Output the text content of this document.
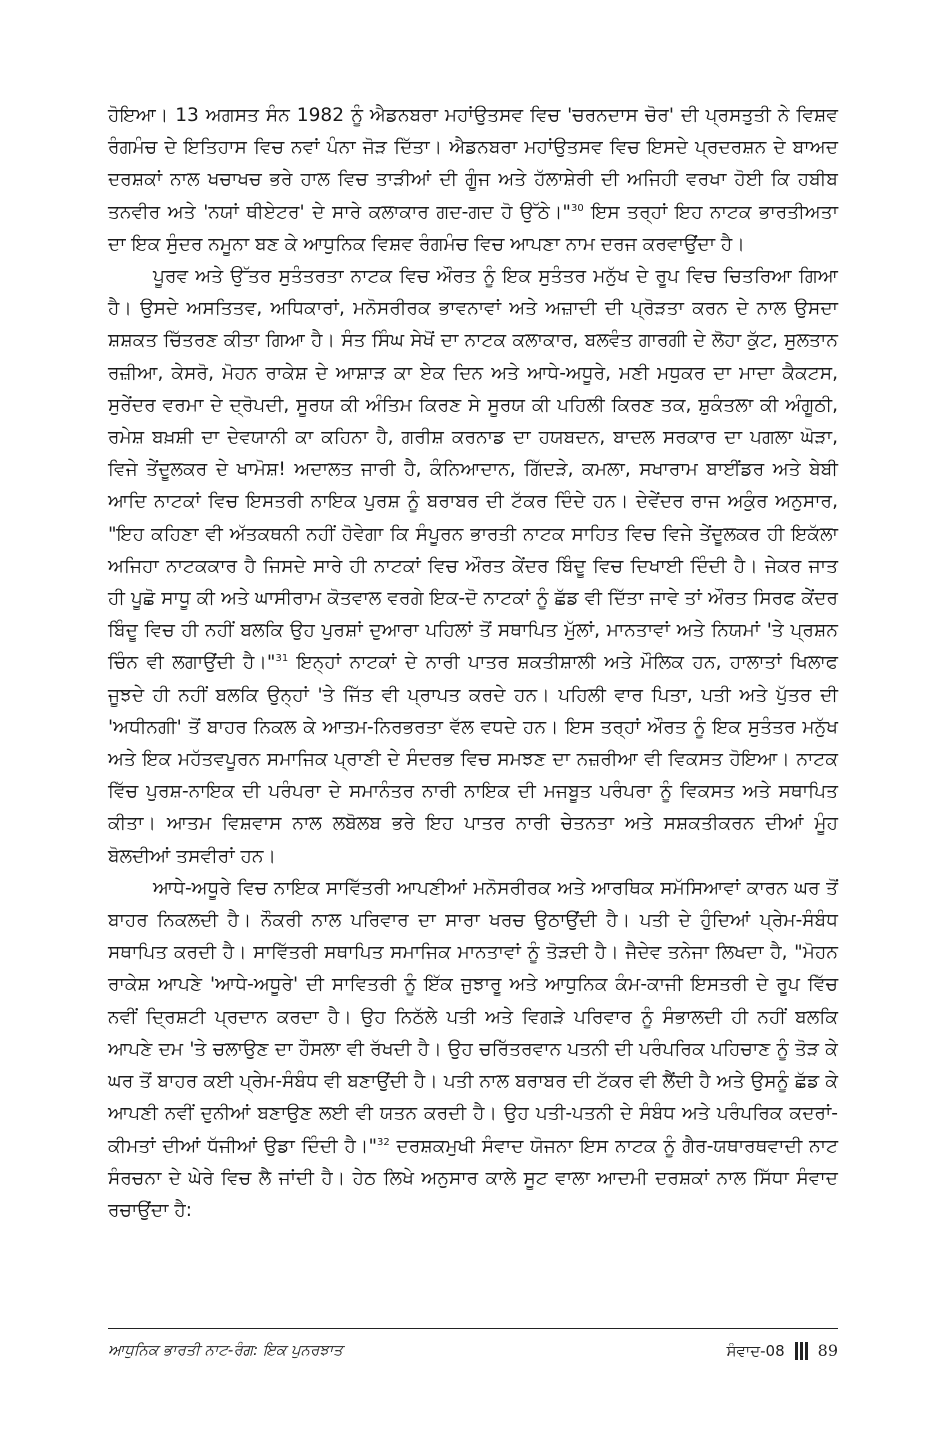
ਹੋਇਆ। 13 ਅਗਸਤ ਸੰਨ 1982 ਨੂੰ ਐਡਨਬਰਾ ਮਹਾਂਉਤਸਵ ਵਿਚ 'ਚਰਨਦਾਸ ਚੋਰ' ਦੀ ਪ੍ਰਸਤੁਤੀ ਨੇ ਵਿਸ਼ਵ ਰੰਗਮੰਚ ਦੇ ਇਤਿਹਾਸ ਵਿਚ ਨਵਾਂ ਪੰਨਾ ਜੋੜ ਦਿੱਤਾ। ਐਡਨਬਰਾ ਮਹਾਂਉਤਸਵ ਵਿਚ ਇਸਦੇ ਪ੍ਰਦਰਸ਼ਨ ਦੇ ਬਾਅਦ ਦਰਸ਼ਕਾਂ ਨਾਲ ਖਚਾਖਚ ਭਰੇ ਹਾਲ ਵਿਚ ਤਾੜੀਆਂ ਦੀ ਗੂੰਜ ਅਤੇ ਹੱਲਾਸ਼ੇਰੀ ਦੀ ਅਜਿਹੀ ਵਰਖਾ ਹੋਈ ਕਿ ਹਬੀਬ ਤਨਵੀਰ ਅਤੇ 'ਨਯਾਂ ਥੀਏਟਰ' ਦੇ ਸਾਰੇ ਕਲਾਕਾਰ ਗਦ-ਗਦ ਹੋ ਉੱਠੇ।"$^{30}$ ਇਸ ਤਰ੍ਹਾਂ ਇਹ ਨਾਟਕ ਭਾਰਤੀਅਤਾ ਦਾ ਇਕ ਸੁੰਦਰ ਨਮੂਨਾ ਬਣ ਕੇ ਆਧੁਨਿਕ ਵਿਸ਼ਵ ਰੰਗਮੰਚ ਵਿਚ ਆਪਣਾ ਨਾਮ ਦਰਜ ਕਰਵਾਉਂਦਾ ਹੈ।

ਪੂਰਵ ਅਤੇ ਉੱਤਰ ਸੁਤੰਤਰਤਾ ਨਾਟਕ ਵਿਚ ਔਰਤ ਨੂੰ ਇਕ ਸੁਤੰਤਰ ਮਨੁੱਖ ਦੇ ਰੂਪ ਵਿਚ ਚਿਤਰਿਆ ਗਿਆ ਹੈ। ਉਸਦੇ ਅਸਤਿਤਵ, ਅਧਿਕਾਰਾਂ, ਮਨੋਸਰੀਰਕ ਭਾਵਨਾਵਾਂ ਅਤੇ ਅਜ਼ਾਦੀ ਦੀ ਪ੍ਰੋੜਤਾ ਕਰਨ ਦੇ ਨਾਲ ਉਸਦਾ ਸ਼ਸ਼ਕਤ ਚਿੱਤਰਣ ਕੀਤਾ ਗਿਆ ਹੈ। ਸੰਤ ਸਿੰਘ ਸੇਖੋਂ ਦਾ ਨਾਟਕ ਕਲਾਕਾਰ, ਬਲਵੰਤ ਗਾਰਗੀ ਦੇ ਲੋਹਾ ਕੁੱਟ, ਸੁਲਤਾਨ ਰਜ਼ੀਆ, ਕੇਸਰੋ, ਮੋਹਨ ਰਾਕੇਸ਼ ਦੇ ਆਸ਼ਾੜ ਕਾ ਏਕ ਦਿਨ ਅਤੇ ਆਧੇ-ਅਧੂਰੇ, ਮਣੀ ਮਧੁਕਰ ਦਾ ਮਾਦਾ ਕੈਕਟਸ, ਸੁਰੇਂਦਰ ਵਰਮਾ ਦੇ ਦ੍ਰੋਪਦੀ, ਸੂਰਯ ਕੀ ਅੰਤਿਮ ਕਿਰਣ ਸੇ ਸੂਰਯ ਕੀ ਪਹਿਲੀ ਕਿਰਣ ਤਕ, ਸ਼ੁਕੰਤਲਾ ਕੀ ਅੰਗੂਠੀ, ਰਮੇਸ਼ ਬਖ਼ਸ਼ੀ ਦਾ ਦੇਵਯਾਨੀ ਕਾ ਕਹਿਨਾ ਹੈ, ਗਰੀਸ਼ ਕਰਨਾਡ ਦਾ ਹਯਬਦਨ, ਬਾਦਲ ਸਰਕਾਰ ਦਾ ਪਗਲਾ ਘੋੜਾ, ਵਿਜੇ ਤੇਂਦੂਲਕਰ ਦੇ ਖਾਮੋਸ਼! ਅਦਾਲਤ ਜਾਰੀ ਹੈ, ਕੰਨਿਆਦਾਨ, ਗਿੱਦੜੇ, ਕਮਲਾ, ਸਖਾਰਾਮ ਬਾਈਂਡਰ ਅਤੇ ਬੇਬੀ ਆਦਿ ਨਾਟਕਾਂ ਵਿਚ ਇਸਤਰੀ ਨਾਇਕ ਪੁਰਸ਼ ਨੂੰ ਬਰਾਬਰ ਦੀ ਟੱਕਰ ਦਿੰਦੇ ਹਨ। ਦੇਵੇਂਦਰ ਰਾਜ ਅਕੁੰਰ ਅਨੁਸਾਰ, "ਇਹ ਕਹਿਣਾ ਵੀ ਅੱਤਕਥਨੀ ਨਹੀਂ ਹੋਵੇਗਾ ਕਿ ਸੰਪੂਰਨ ਭਾਰਤੀ ਨਾਟਕ ਸਾਹਿਤ ਵਿਚ ਵਿਜੇ ਤੇਂਦੂਲਕਰ ਹੀ ਇਕੱਲਾ ਅਜਿਹਾ ਨਾਟਕਕਾਰ ਹੈ ਜਿਸਦੇ ਸਾਰੇ ਹੀ ਨਾਟਕਾਂ ਵਿਚ ਔਰਤ ਕੇਂਦਰ ਬਿੰਦੂ ਵਿਚ ਦਿਖਾਈ ਦਿੰਦੀ ਹੈ। ਜੇਕਰ ਜਾਤ ਹੀ ਪੂਛੋ ਸਾਧੂ ਕੀ ਅਤੇ ਘਾਸੀਰਾਮ ਕੋਤਵਾਲ ਵਰਗੇ ਇਕ-ਦੋ ਨਾਟਕਾਂ ਨੂੰ ਛੱਡ ਵੀ ਦਿੱਤਾ ਜਾਵੇ ਤਾਂ ਔਰਤ ਸਿਰਫ ਕੇਂਦਰ ਬਿੰਦੂ ਵਿਚ ਹੀ ਨਹੀਂ ਬਲਕਿ ਉਹ ਪੁਰਸ਼ਾਂ ਦੁਆਰਾ ਪਹਿਲਾਂ ਤੋਂ ਸਥਾਪਿਤ ਮੁੱਲਾਂ, ਮਾਨਤਾਵਾਂ ਅਤੇ ਨਿਯਮਾਂ 'ਤੇ ਪ੍ਰਸ਼ਨ ਚਿੰਨ ਵੀ ਲਗਾਉਂਦੀ ਹੈ।"$^{31}$ ਇਨ੍ਹਾਂ ਨਾਟਕਾਂ ਦੇ ਨਾਰੀ ਪਾਤਰ ਸ਼ਕਤੀਸ਼ਾਲੀ ਅਤੇ ਮੌਲਿਕ ਹਨ, ਹਾਲਾਤਾਂ ਖਿਲਾਫ ਜੂਝਦੇ ਹੀ ਨਹੀਂ ਬਲਕਿ ਉਨ੍ਹਾਂ 'ਤੇ ਜਿੱਤ ਵੀ ਪ੍ਰਾਪਤ ਕਰਦੇ ਹਨ। ਪਹਿਲੀ ਵਾਰ ਪਿਤਾ, ਪਤੀ ਅਤੇ ਪੁੱਤਰ ਦੀ 'ਅਧੀਨਗੀ' ਤੋਂ ਬਾਹਰ ਨਿਕਲ ਕੇ ਆਤਮ-ਨਿਰਭਰਤਾ ਵੱਲ ਵਧਦੇ ਹਨ। ਇਸ ਤਰ੍ਹਾਂ ਔਰਤ ਨੂੰ ਇਕ ਸੁਤੰਤਰ ਮਨੁੱਖ ਅਤੇ ਇਕ ਮਹੱਤਵਪੂਰਨ ਸਮਾਜਿਕ ਪ੍ਰਾਣੀ ਦੇ ਸੰਦਰਭ ਵਿਚ ਸਮਝਣ ਦਾ ਨਜ਼ਰੀਆ ਵੀ ਵਿਕਸਤ ਹੋਇਆ। ਨਾਟਕ ਵਿੱਚ ਪੁਰਸ਼-ਨਾਇਕ ਦੀ ਪਰੰਪਰਾ ਦੇ ਸਮਾਨੰਤਰ ਨਾਰੀ ਨਾਇਕ ਦੀ ਮਜਬੂਤ ਪਰੰਪਰਾ ਨੂੰ ਵਿਕਸਤ ਅਤੇ ਸਥਾਪਿਤ ਕੀਤਾ। ਆਤਮ ਵਿਸ਼ਵਾਸ ਨਾਲ ਲਬੋਲਬ ਭਰੇ ਇਹ ਪਾਤਰ ਨਾਰੀ ਚੇਤਨਤਾ ਅਤੇ ਸਸ਼ਕਤੀਕਰਨ ਦੀਆਂ ਮੂੰਹ ਬੋਲਦੀਆਂ ਤਸਵੀਰਾਂ ਹਨ।

ਆਧੇ-ਅਧੂਰੇ ਵਿਚ ਨਾਇਕ ਸਾਵਿੱਤਰੀ ਆਪਣੀਆਂ ਮਨੋਸਰੀਰਕ ਅਤੇ ਆਰਥਿਕ ਸਮੱਸਿਆਵਾਂ ਕਾਰਨ ਘਰ ਤੋਂ ਬਾਹਰ ਨਿਕਲਦੀ ਹੈ। ਨੌਕਰੀ ਨਾਲ ਪਰਿਵਾਰ ਦਾ ਸਾਰਾ ਖਰਚ ਉਠਾਉਂਦੀ ਹੈ। ਪਤੀ ਦੇ ਹੁੰਦਿਆਂ ਪ੍ਰੇਮ-ਸੰਬੰਧ ਸਥਾਪਿਤ ਕਰਦੀ ਹੈ। ਸਾਵਿੱਤਰੀ ਸਥਾਪਿਤ ਸਮਾਜਿਕ ਮਾਨਤਾਵਾਂ ਨੂੰ ਤੋੜਦੀ ਹੈ। ਜੈਦੇਵ ਤਨੇਜਾ ਲਿਖਦਾ ਹੈ, "ਮੋਹਨ ਰਾਕੇਸ਼ ਆਪਣੇ 'ਆਧੇ-ਅਧੂਰੇ' ਦੀ ਸਾਵਿਤਰੀ ਨੂੰ ਇੱਕ ਜੁਝਾਰੂ ਅਤੇ ਆਧੁਨਿਕ ਕੰਮ-ਕਾਜੀ ਇਸਤਰੀ ਦੇ ਰੂਪ ਵਿੱਚ ਨਵੀਂ ਦ੍ਰਿਸ਼ਟੀ ਪ੍ਰਦਾਨ ਕਰਦਾ ਹੈ। ਉਹ ਨਿਠੱਲੇ ਪਤੀ ਅਤੇ ਵਿਗੜੇ ਪਰਿਵਾਰ ਨੂੰ ਸੰਭਾਲਦੀ ਹੀ ਨਹੀਂ ਬਲਕਿ ਆਪਣੇ ਦਮ 'ਤੇ ਚਲਾਉਣ ਦਾ ਹੌਸਲਾ ਵੀ ਰੱਖਦੀ ਹੈ। ਉਹ ਚਰਿੱਤਰਵਾਨ ਪਤਨੀ ਦੀ ਪਰੰਪਰਿਕ ਪਹਿਚਾਣ ਨੂੰ ਤੋੜ ਕੇ ਘਰ ਤੋਂ ਬਾਹਰ ਕਈ ਪ੍ਰੇਮ-ਸੰਬੰਧ ਵੀ ਬਣਾਉਂਦੀ ਹੈ। ਪਤੀ ਨਾਲ ਬਰਾਬਰ ਦੀ ਟੱਕਰ ਵੀ ਲੈਂਦੀ ਹੈ ਅਤੇ ਉਸਨੂੰ ਛੱਡ ਕੇ ਆਪਣੀ ਨਵੀਂ ਦੁਨੀਆਂ ਬਣਾਉਣ ਲਈ ਵੀ ਯਤਨ ਕਰਦੀ ਹੈ। ਉਹ ਪਤੀ-ਪਤਨੀ ਦੇ ਸੰਬੰਧ ਅਤੇ ਪਰੰਪਰਿਕ ਕਦਰਾਂ-ਕੀਮਤਾਂ ਦੀਆਂ ਧੱਜੀਆਂ ਉਡਾ ਦਿੰਦੀ ਹੈ।"$^{32}$ ਦਰਸ਼ਕਮੁਖੀ ਸੰਵਾਦ ਯੋਜਨਾ ਇਸ ਨਾਟਕ ਨੂੰ ਗੈਰ-ਯਥਾਰਥਵਾਦੀ ਨਾਟ ਸੰਰਚਨਾ ਦੇ ਘੇਰੇ ਵਿਚ ਲੈ ਜਾਂਦੀ ਹੈ। ਹੇਠ ਲਿਖੇ ਅਨੁਸਾਰ ਕਾਲੇ ਸੂਟ ਵਾਲਾ ਆਦਮੀ ਦਰਸ਼ਕਾਂ ਨਾਲ ਸਿੱਧਾ ਸੰਵਾਦ ਰਚਾਉਂਦਾ ਹੈ:

ਆਧੁਨਿਕ ਭਾਰਤੀ ਨਾਟ-ਰੰਗ: ਇਕ ਪੁਨਰਝਾਤ	ਸੰਵਾਦ-08 89
